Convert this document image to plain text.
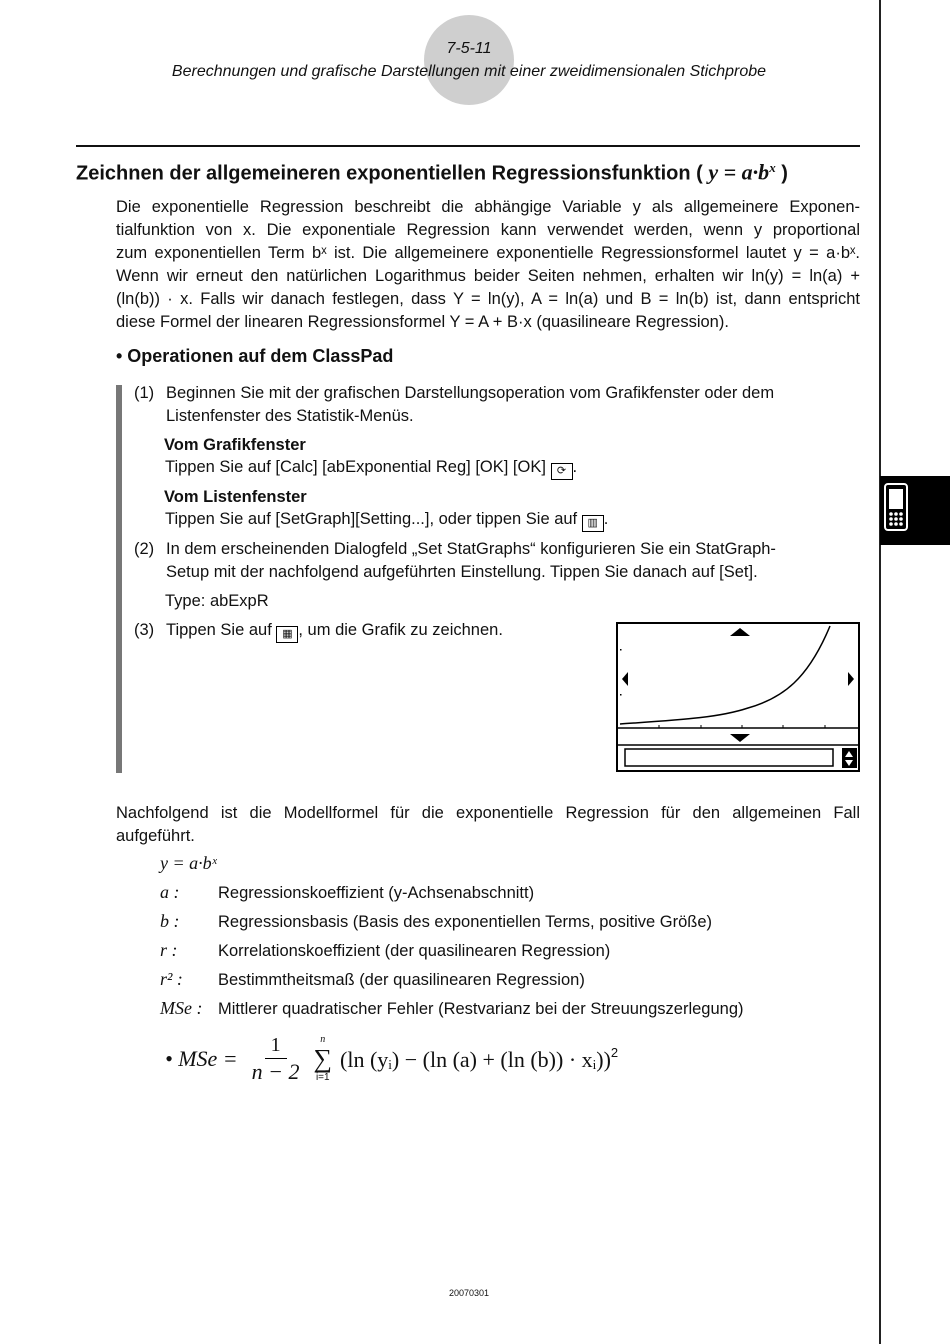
7-5-11
Berechnungen und grafische Darstellungen mit einer zweidimensionalen Stichprobe
Zeichnen der allgemeineren exponentiellen Regressionsfunktion ( $y = a\cdot b^x$ )
Die exponentielle Regression beschreibt die abhängige Variable y als allgemeinere Exponen-
tialfunktion von x. Die exponentiale Regression kann verwendet werden, wenn y proportional
zum exponentiellen Term bˣ ist. Die allgemeinere exponentielle Regressionsformel lautet y = a·bˣ.
Wenn wir erneut den natürlichen Logarithmus beider Seiten nehmen, erhalten wir ln(y) = ln(a) +
(ln(b)) · x. Falls wir danach festlegen, dass Y = ln(y), A = ln(a) und B = ln(b) ist, dann entspricht
diese Formel der linearen Regressionsformel Y = A + B·x (quasilineare Regression).
• Operationen auf dem ClassPad
(1) Beginnen Sie mit der grafischen Darstellungsoperation vom Grafikfenster oder dem
Listenfenster des Statistik-Menüs.
Vom Grafikfenster
Tippen Sie auf [Calc] [abExponential Reg] [OK] [OK] ⟳ .
Vom Listenfenster
Tippen Sie auf [SetGraph][Setting...], oder tippen Sie auf ▥ .
(2) In dem erscheinenden Dialogfeld „Set StatGraphs“ konfigurieren Sie ein StatGraph-
Setup mit der nachfolgend aufgeführten Einstellung. Tippen Sie danach auf [Set].
Type: abExpR
(3) Tippen Sie auf ▦ , um die Grafik zu zeichnen.
Nachfolgend ist die Modellformel für die exponentielle Regression für den allgemeinen Fall
aufgeführt.
y = a·bˣ
a : Regressionskoeffizient (y-Achsenabschnitt)
b : Regressionsbasis (Basis des exponentiellen Terms, positive Größe)
r : Korrelationskoeffizient (der quasilinearen Regression)
r² : Bestimmtheitsmaß (der quasilinearen Regression)
MSe : Mittlerer quadratischer Fehler (Restvarianz bei der Streuungszerlegung)
• MSe = $\frac{1}{n - 2}$ n
∑
i=1
(ln (yᵢ) − (ln (a) + (ln (b)) · xᵢ))$^2$
20070301
